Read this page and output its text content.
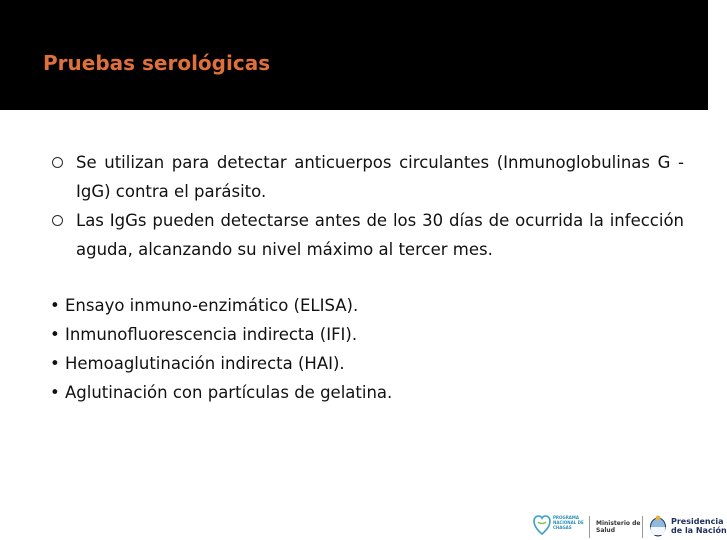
Pruebas serológicas
Se utilizan para detectar anticuerpos circulantes (Inmunoglobulinas G - IgG) contra el parásito.
Las IgGs pueden detectarse antes de los 30 días de ocurrida la infección aguda, alcanzando su nivel máximo al tercer mes.
• Ensayo inmuno-enzimático (ELISA).
• Inmunofluorescencia indirecta (IFI).
• Hemoaglutinación indirecta (HAI).
• Aglutinación con partículas de gelatina.
PROGRAMA
NACIONAL DE
CHAGAS
Ministerio de
Salud
Presidencia
de la Nación
